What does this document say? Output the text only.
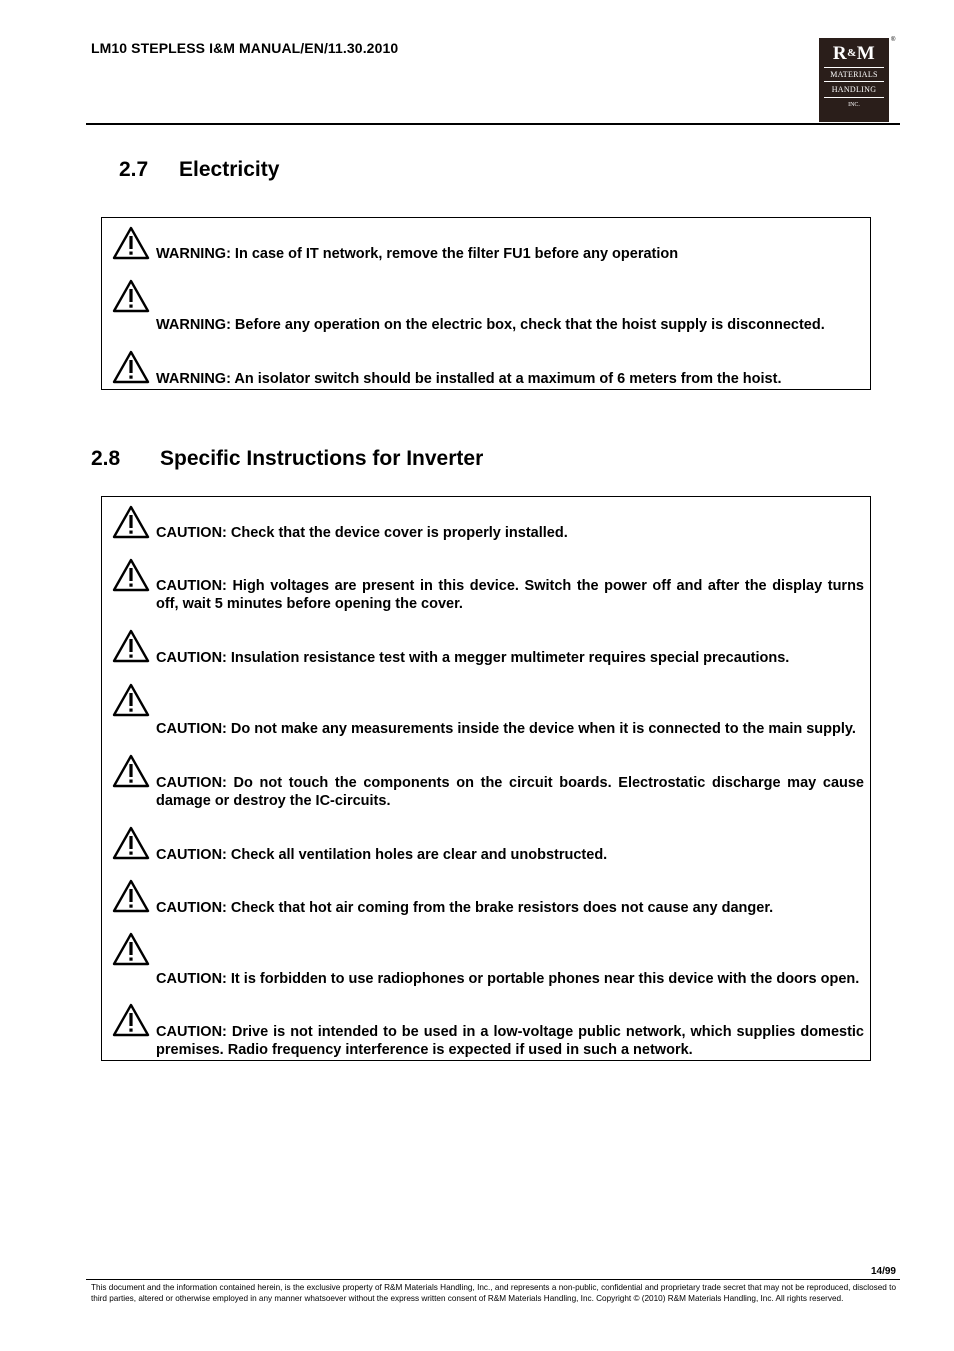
LM10 STEPLESS I&M MANUAL/EN/11.30.2010	R&M
MATERIALS
HANDLING
INC.
®
2.7 Electricity
WARNING: In case of IT network, remove the filter FU1 before any operation
WARNING: Before any operation on the electric box, check that the hoist supply is disconnected.
WARNING: An isolator switch should be installed at a maximum of 6 meters from the hoist.
2.8 Specific Instructions for Inverter
CAUTION: Check that the device cover is properly installed.
CAUTION: High voltages are present in this device. Switch the power off and after the display turns off, wait 5 minutes before opening the cover.
CAUTION: Insulation resistance test with a megger multimeter requires special precautions.
CAUTION: Do not make any measurements inside the device when it is connected to the main supply.
CAUTION: Do not touch the components on the circuit boards. Electrostatic discharge may cause damage or destroy the IC-circuits.
CAUTION: Check all ventilation holes are clear and unobstructed.
CAUTION: Check that hot air coming from the brake resistors does not cause any danger.
CAUTION: It is forbidden to use radiophones or portable phones near this device with the doors open.
CAUTION: Drive is not intended to be used in a low-voltage public network, which supplies domestic premises. Radio frequency interference is expected if used in such a network.
14/99
This document and the information contained herein, is the exclusive property of R&M Materials Handling, Inc., and represents a non-public, confidential and proprietary trade secret that may not be reproduced, disclosed to third parties, altered or otherwise employed in any manner whatsoever without the express written consent of R&M Materials Handling, Inc. Copyright © (2010) R&M Materials Handling, Inc. All rights reserved.
